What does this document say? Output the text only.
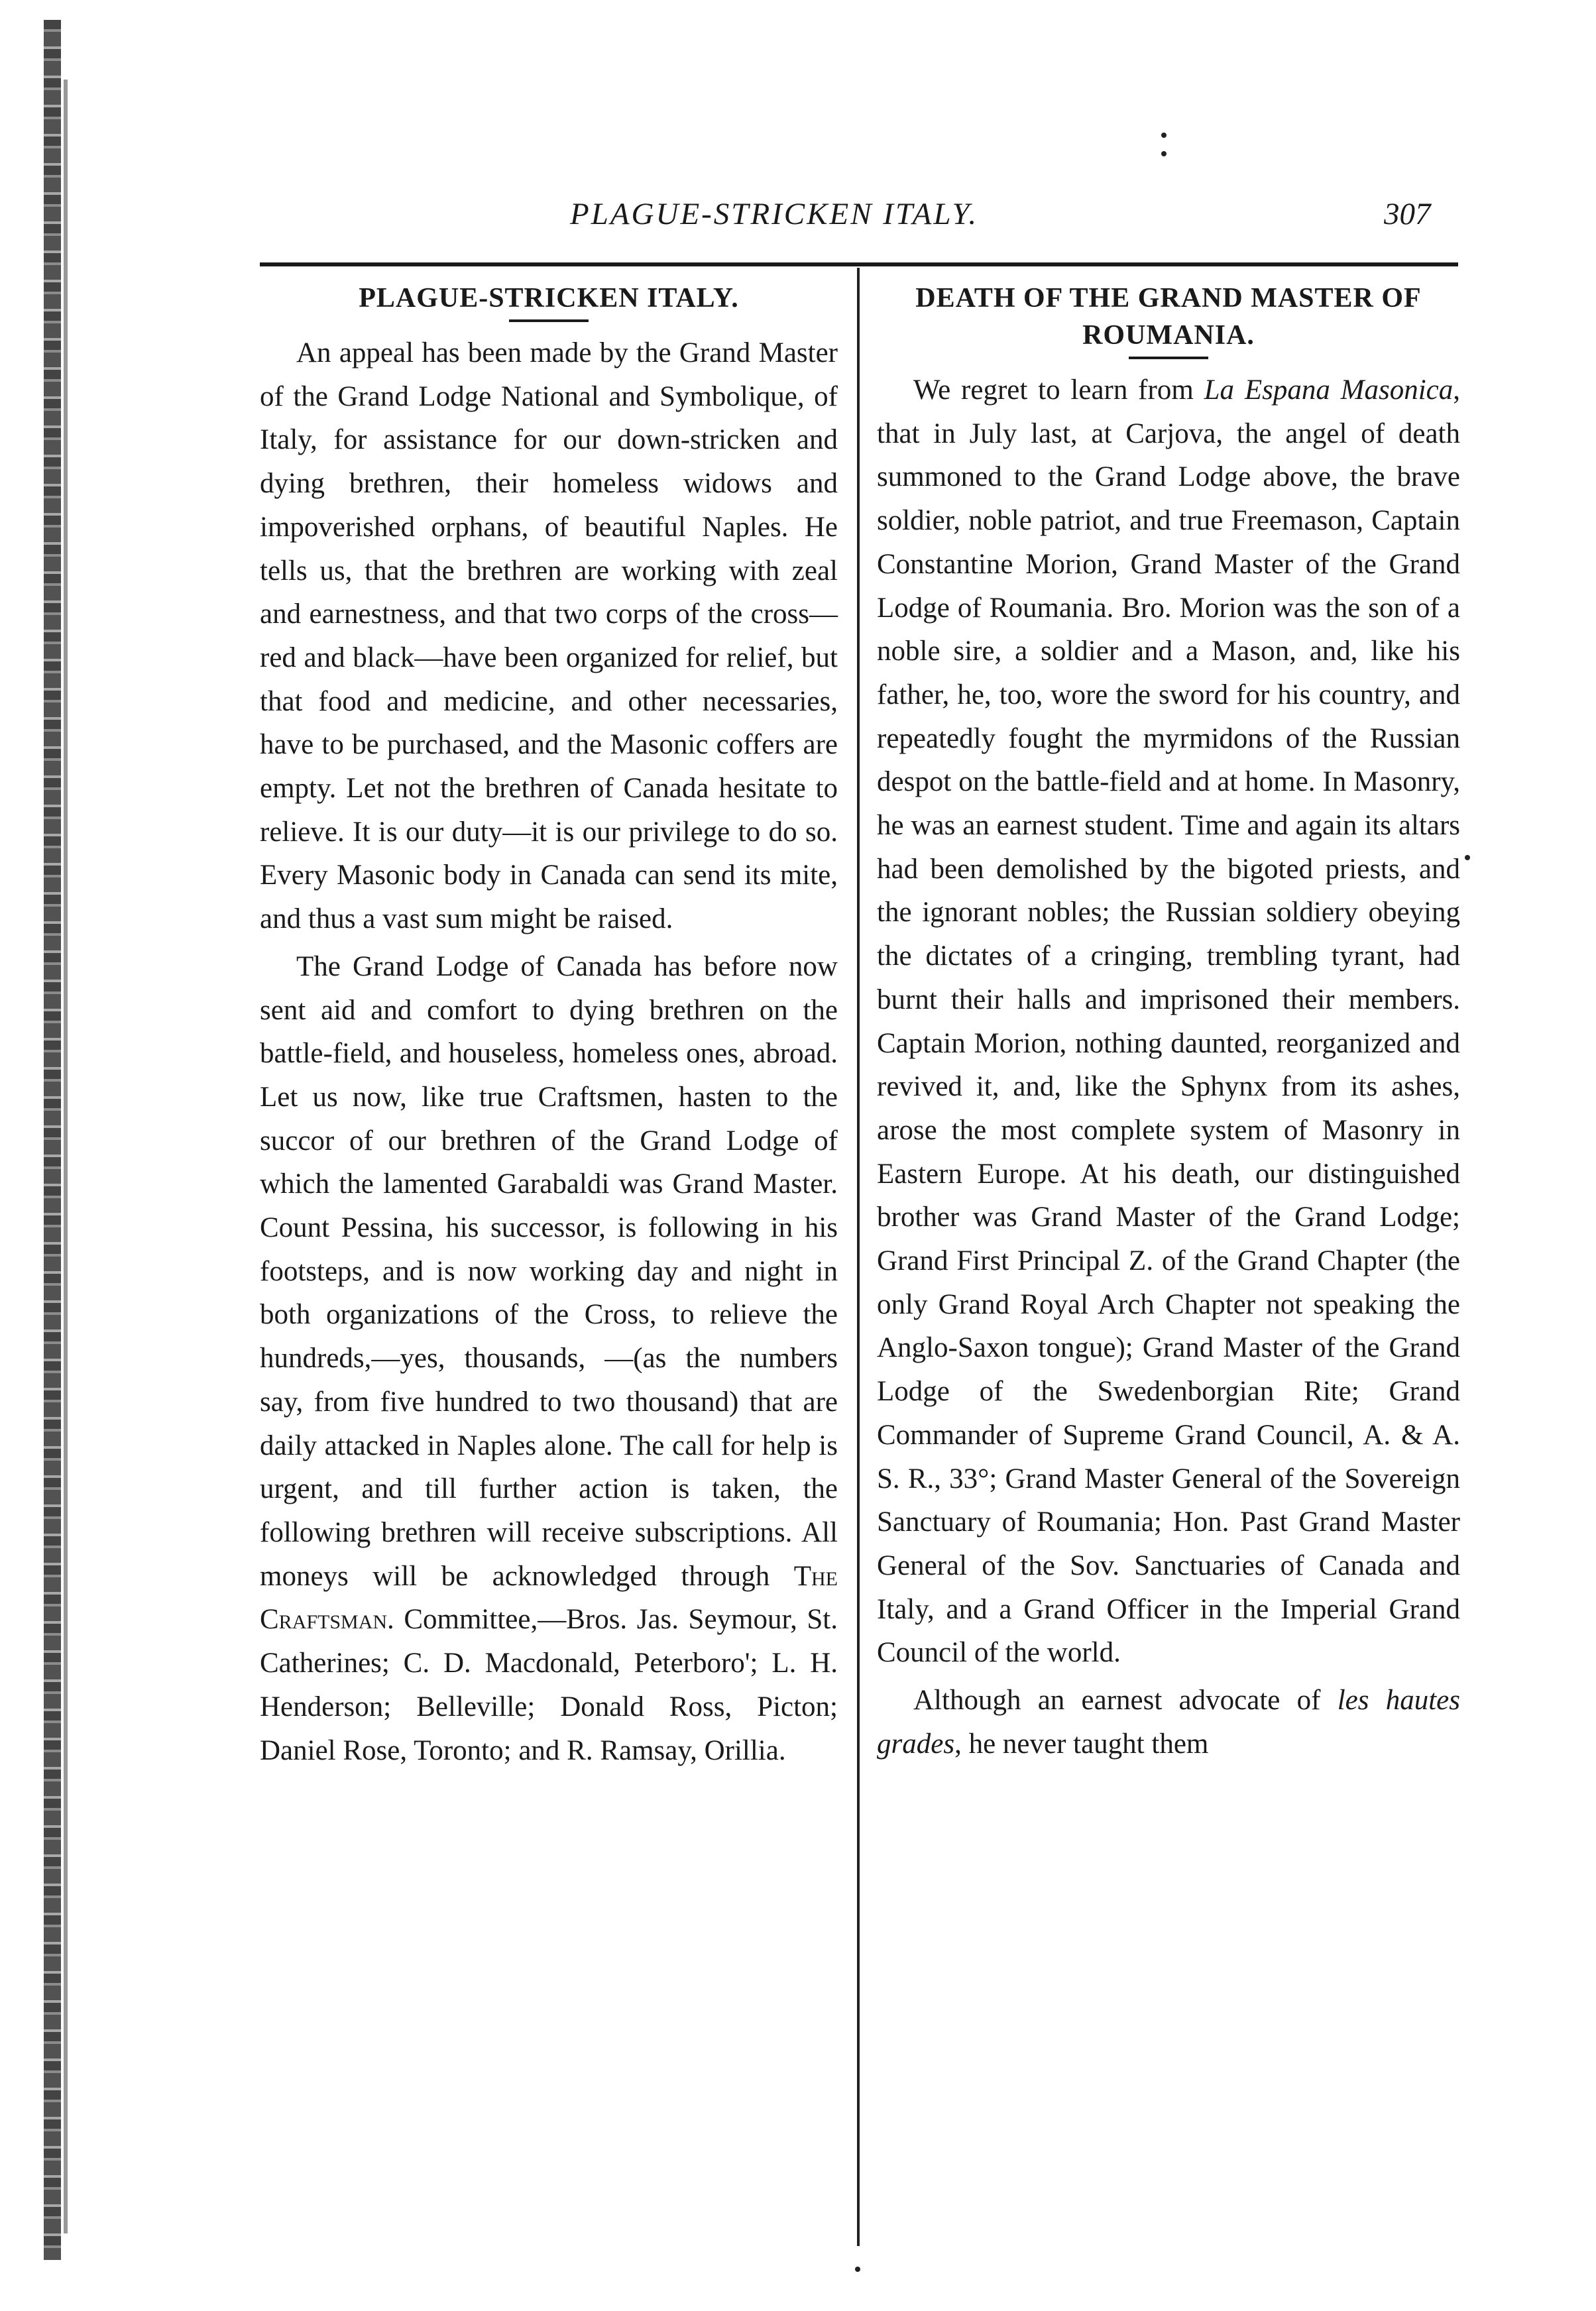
PLAGUE-STRICKEN ITALY.	307
PLAGUE-STRICKEN ITALY.

An appeal has been made by the Grand Master of the Grand Lodge National and Symbolique, of Italy, for assistance for our down-stricken and dying brethren, their homeless widows and impoverished orphans, of beautiful Naples. He tells us, that the brethren are working with zeal and earnestness, and that two corps of the cross—red and black—have been organized for relief, but that food and medicine, and other necessaries, have to be purchased, and the Masonic coffers are empty. Let not the brethren of Canada hesitate to relieve. It is our duty—it is our privilege to do so. Every Masonic body in Canada can send its mite, and thus a vast sum might be raised.

The Grand Lodge of Canada has before now sent aid and comfort to dying brethren on the battle-field, and houseless, homeless ones, abroad. Let us now, like true Craftsmen, hasten to the succor of our brethren of the Grand Lodge of which the lamented Garabaldi was Grand Master. Count Pessina, his successor, is following in his footsteps, and is now working day and night in both organizations of the Cross, to relieve the hundreds,—yes, thousands, —(as the numbers say, from five hundred to two thousand) that are daily attacked in Naples alone. The call for help is urgent, and till further action is taken, the following brethren will receive subscriptions. All moneys will be acknowledged through The Craftsman. Committee,—Bros. Jas. Seymour, St. Catherines; C. D. Macdonald, Peterboro'; L. H. Henderson; Belleville; Donald Ross, Picton; Daniel Rose, Toronto; and R. Ramsay, Orillia.

DEATH OF THE GRAND MASTER OF ROUMANIA.

We regret to learn from La Espana Masonica, that in July last, at Carjova, the angel of death summoned to the Grand Lodge above, the brave soldier, noble patriot, and true Freemason, Captain Constantine Morion, Grand Master of the Grand Lodge of Roumania. Bro. Morion was the son of a noble sire, a soldier and a Mason, and, like his father, he, too, wore the sword for his country, and repeatedly fought the myrmidons of the Russian despot on the battle-field and at home. In Masonry, he was an earnest student. Time and again its altars had been demolished by the bigoted priests, and the ignorant nobles; the Russian soldiery obeying the dictates of a cringing, trembling tyrant, had burnt their halls and imprisoned their members. Captain Morion, nothing daunted, reorganized and revived it, and, like the Sphynx from its ashes, arose the most complete system of Masonry in Eastern Europe. At his death, our distinguished brother was Grand Master of the Grand Lodge; Grand First Principal Z. of the Grand Chapter (the only Grand Royal Arch Chapter not speaking the Anglo-Saxon tongue); Grand Master of the Grand Lodge of the Swedenborgian Rite; Grand Commander of Supreme Grand Council, A. & A. S. R., 33°; Grand Master General of the Sovereign Sanctuary of Roumania; Hon. Past Grand Master General of the Sov. Sanctuaries of Canada and Italy, and a Grand Officer in the Imperial Grand Council of the world.

Although an earnest advocate of les hautes grades, he never taught them
